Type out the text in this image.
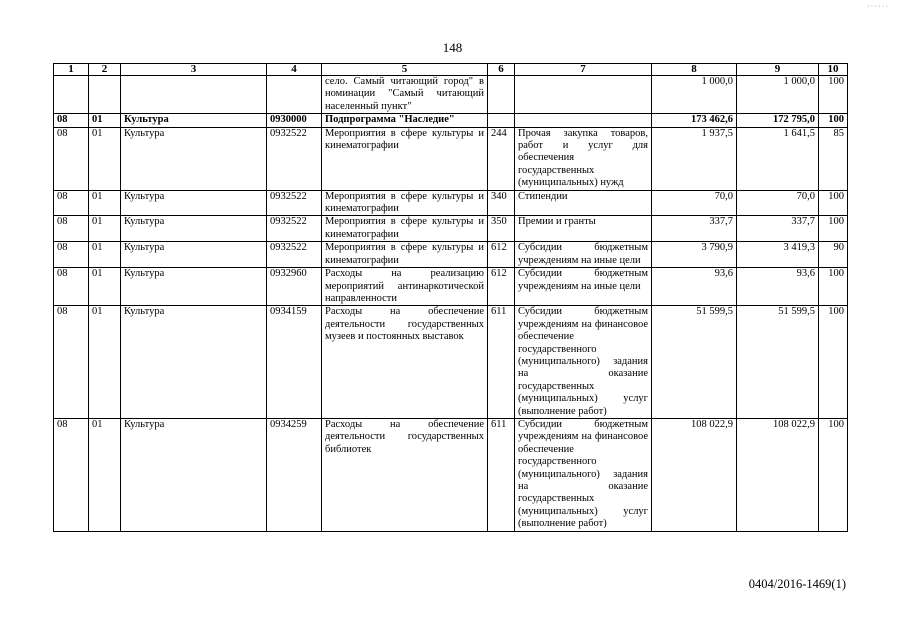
······
148
1	2	3	4	5	6	7	8	9	10
				село. Самый читающий город" в номинации "Самый читающий населенный пункт"			1 000,0	1 000,0	100
08	01	Культура	0930000	Подпрограмма "Наследие"			173 462,6	172 795,0	100
08	01	Культура	0932522	Мероприятия в сфере культуры и кинематографии	244	Прочая закупка товаров, работ и услуг для обеспечения государственных (муниципальных) нужд	1 937,5	1 641,5	85
08	01	Культура	0932522	Мероприятия в сфере культуры и кинематографии	340	Стипендии	70,0	70,0	100
08	01	Культура	0932522	Мероприятия в сфере культуры и кинематографии	350	Премии и гранты	337,7	337,7	100
08	01	Культура	0932522	Мероприятия в сфере культуры и кинематографии	612	Субсидии бюджетным учреждениям на иные цели	3 790,9	3 419,3	90
08	01	Культура	0932960	Расходы на реализацию мероприятий антинаркотической направленности	612	Субсидии бюджетным учреждениям на иные цели	93,6	93,6	100
08	01	Культура	0934159	Расходы на обеспечение деятельности государственных музеев и постоянных выставок	611	Субсидии бюджетным учреждениям на финансовое обеспечение государственного (муниципального) задания на оказание государственных (муниципальных) услуг (выполнение работ)	51 599,5	51 599,5	100
08	01	Культура	0934259	Расходы на обеспечение деятельности государственных библиотек	611	Субсидии бюджетным учреждениям на финансовое обеспечение государственного (муниципального) задания на оказание государственных (муниципальных) услуг (выполнение работ)	108 022,9	108 022,9	100
0404/2016-1469(1)
